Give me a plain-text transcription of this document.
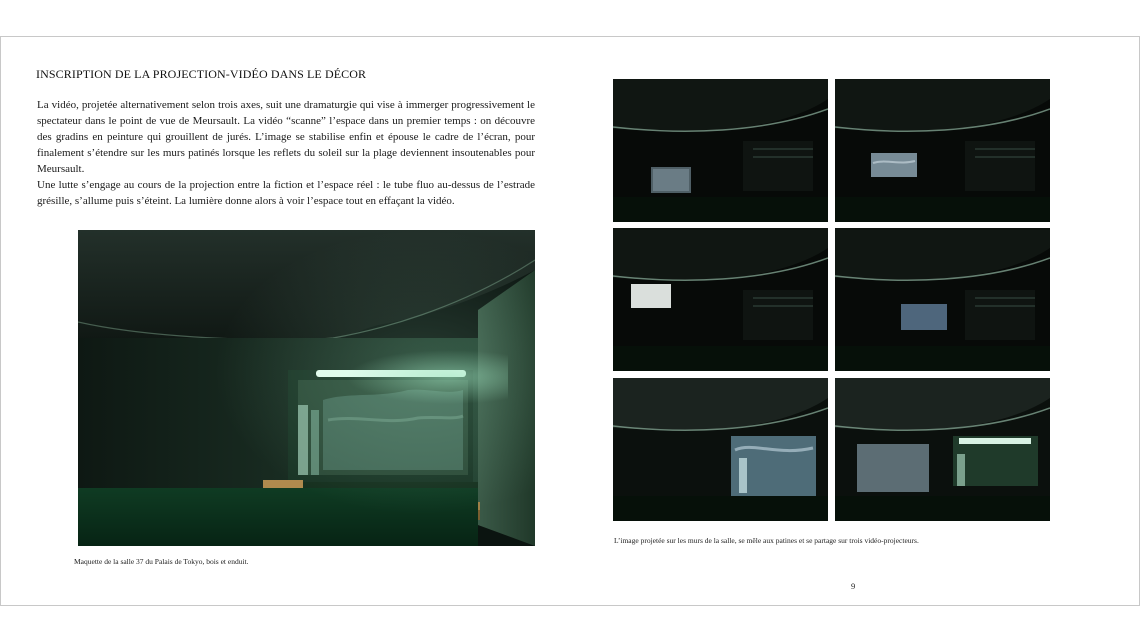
INSCRIPTION DE LA PROJECTION-VIDÉO DANS LE DÉCOR

La vidéo, projetée alternativement selon trois axes, suit une dramaturgie qui vise à immerger progressivement le spectateur dans le point de vue de Meursault. La vidéo “scanne” l’espace dans un premier temps : on découvre des gradins en peinture qui grouillent de jurés. L’image se stabilise enfin et épouse le cadre de l’écran, pour finalement s’étendre sur les murs patinés lorsque les reflets du soleil sur la plage deviennent insoutenables pour Meursault.

Une lutte s’engage au cours de la projection entre la fiction et l’espace réel : le tube fluo au-dessus de l’estrade grésille, s’allume puis s’éteint. La lumière donne alors à voir l’espace tout en effaçant la vidéo.

Maquette de la salle 37 du Palais de Tokyo, bois et enduit.
L’image projetée sur les murs de la salle, se mêle aux patines et se partage sur trois vidéo-projecteurs.
9
